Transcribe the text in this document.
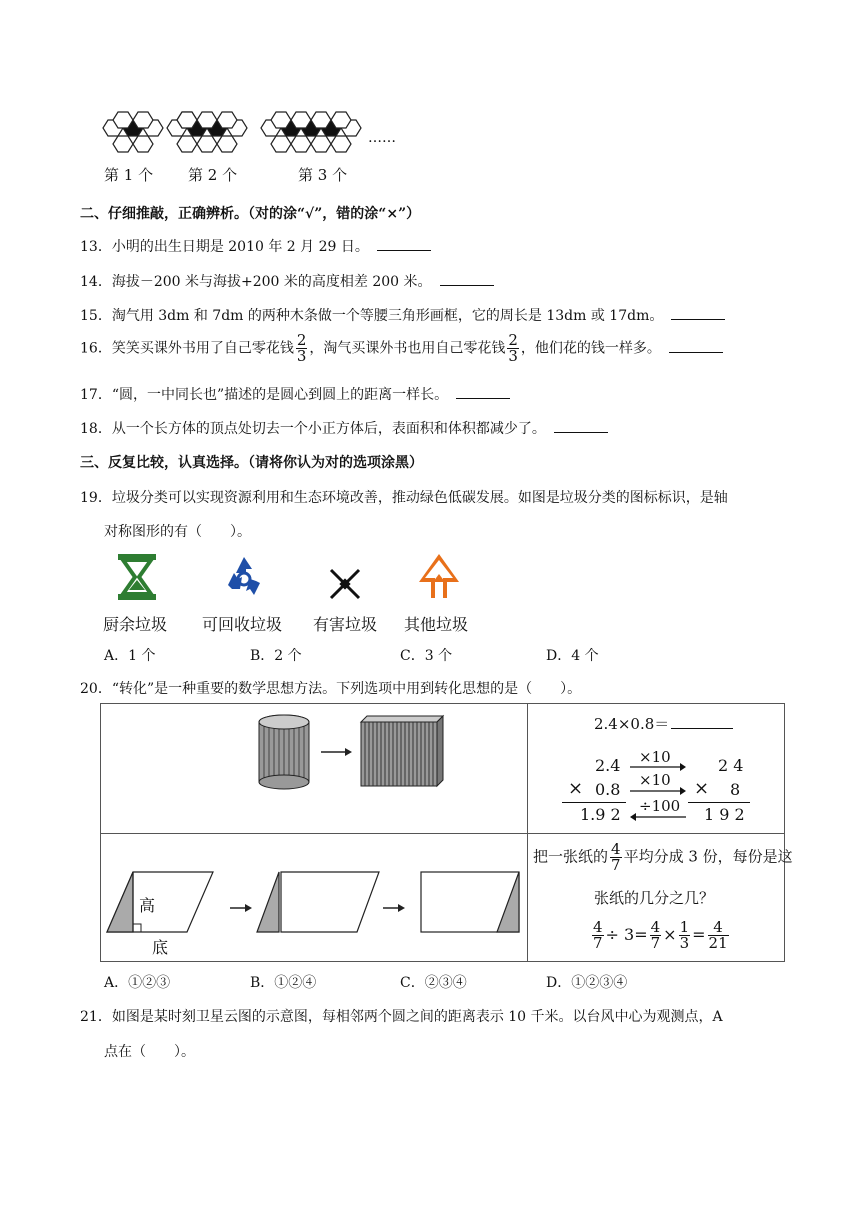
……
第 1 个 第 2 个	第 3 个
二、仔细推敲，正确辨析。（对的涂“√”，错的涂“×”）
13．小明的出生日期是 2010 年 2 月 29 日。
14．海拔－200 米与海拔+200 米的高度相差 200 米。
15．淘气用 3dm 和 7dm 的两种木条做一个等腰三角形画框，它的周长是 13dm 或 17dm。
16．笑笑买课外书用了自己零花钱 $\frac{2}{3}$ ，淘气买课外书也用自己零花钱 $\frac{2}{3}$ ，他们花的钱一样多。
17．“圆，一中同长也”描述的是圆心到圆上的距离一样长。
18．从一个长方体的顶点处切去一个小正方体后，表面积和体积都减少了。
三、反复比较，认真选择。（请将你认为对的选项涂黑）
19．垃圾分类可以实现资源利用和生态环境改善，推动绿色低碳发展。如图是垃圾分类的图标标识，是轴
对称图形的有（　　）。
厨余垃圾 可回收垃圾 有害垃圾 其他垃圾
A．1 个	B．2 个	C．3 个	D．4 个
20．“转化”是一种重要的数学思想方法。下列选项中用到转化思想的是（　　）。
2.4×0.8＝
2.4
× 0.8
1.9 2
×10
×10
÷100
2 4
× 8
1 9 2
高
底
把一张纸的 $\frac{4}{7}$ 平均分成 3 份，每份是这
张纸的几分之几？
$\frac{4}{7} \div 3= \frac{4}{7} \times \frac{1}{3} = \frac{4}{21}$
A．①②③	B．①②④	C．②③④	D．①②③④
21．如图是某时刻卫星云图的示意图，每相邻两个圆之间的距离表示 10 千米。以台风中心为观测点，A
点在（　　）。
